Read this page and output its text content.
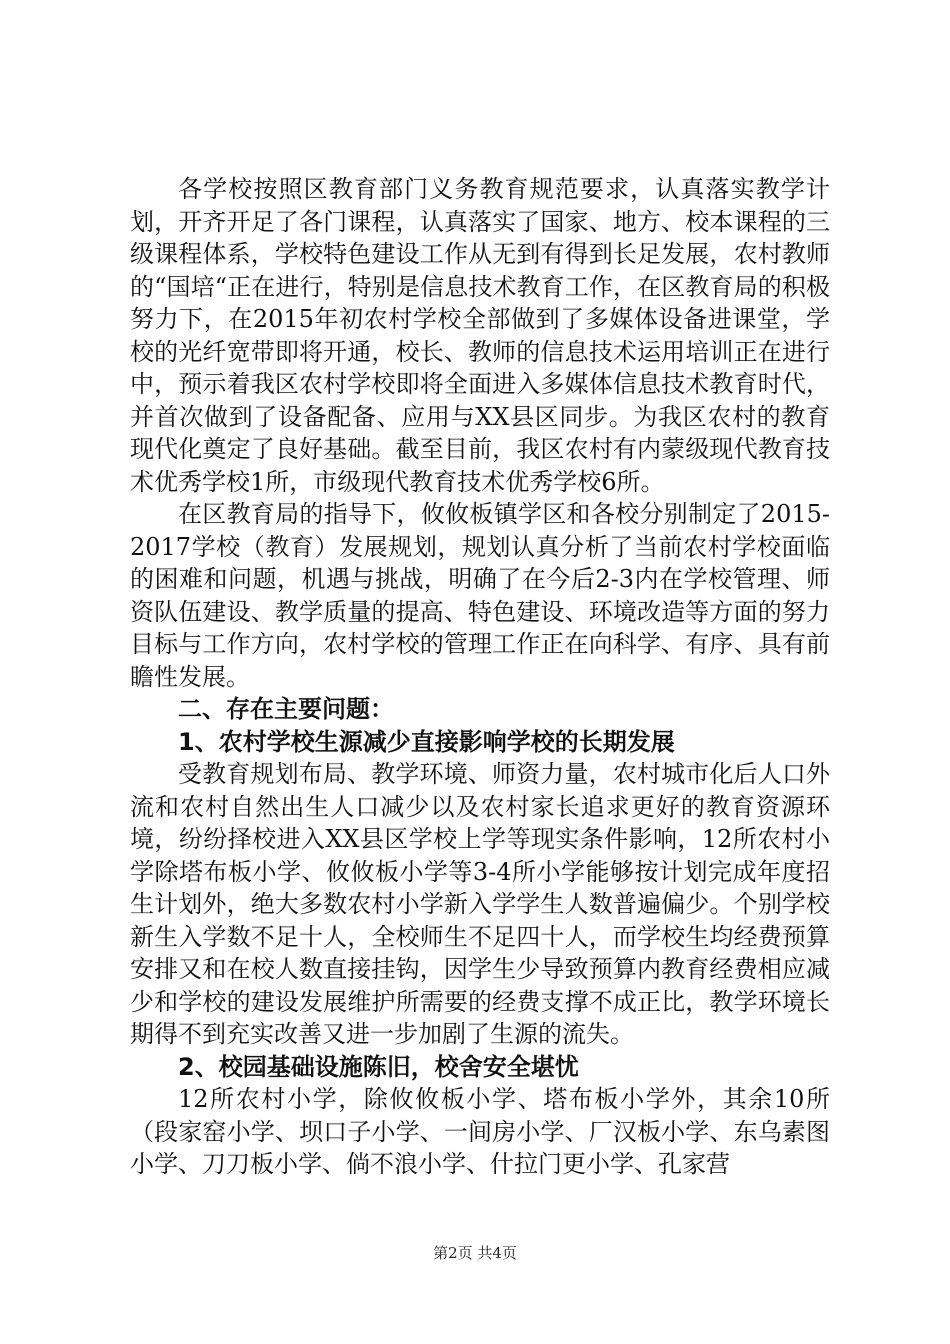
各学校按照区教育部门义务教育规范要求，认真落实教学计划，开齐开足了各门课程，认真落实了国家、地方、校本课程的三级课程体系，学校特色建设工作从无到有得到长足发展，农村教师的“国培“正在进行，特别是信息技术教育工作，在区教育局的积极努力下，在2015年初农村学校全部做到了多媒体设备进课堂，学校的光纤宽带即将开通，校长、教师的信息技术运用培训正在进行中，预示着我区农村学校即将全面进入多媒体信息技术教育时代，并首次做到了设备配备、应用与XX县区同步。为我区农村的教育现代化奠定了良好基础。截至目前，我区农村有内蒙级现代教育技术优秀学校1所，市级现代教育技术优秀学校6所。

在区教育局的指导下，攸攸板镇学区和各校分别制定了2015-2017学校（教育）发展规划，规划认真分析了当前农村学校面临的困难和问题，机遇与挑战，明确了在今后2-3内在学校管理、师资队伍建设、教学质量的提高、特色建设、环境改造等方面的努力目标与工作方向，农村学校的管理工作正在向科学、有序、具有前瞻性发展。

二、存在主要问题：

1、农村学校生源减少直接影响学校的长期发展

受教育规划布局、教学环境、师资力量，农村城市化后人口外流和农村自然出生人口减少以及农村家长追求更好的教育资源环境，纷纷择校进入XX县区学校上学等现实条件影响，12所农村小学除塔布板小学、攸攸板小学等3-4所小学能够按计划完成年度招生计划外，绝大多数农村小学新入学学生人数普遍偏少。个别学校新生入学数不足十人，全校师生不足四十人，而学校生均经费预算安排又和在校人数直接挂钩，因学生少导致预算内教育经费相应减少和学校的建设发展维护所需要的经费支撑不成正比，教学环境长期得不到充实改善又进一步加剧了生源的流失。

2、校园基础设施陈旧，校舍安全堪忧

12所农村小学，除攸攸板小学、塔布板小学外，其余10所（段家窑小学、坝口子小学、一间房小学、厂汉板小学、东乌素图小学、刀刀板小学、倘不浪小学、什拉门更小学、孔家营

第2页 共4页
